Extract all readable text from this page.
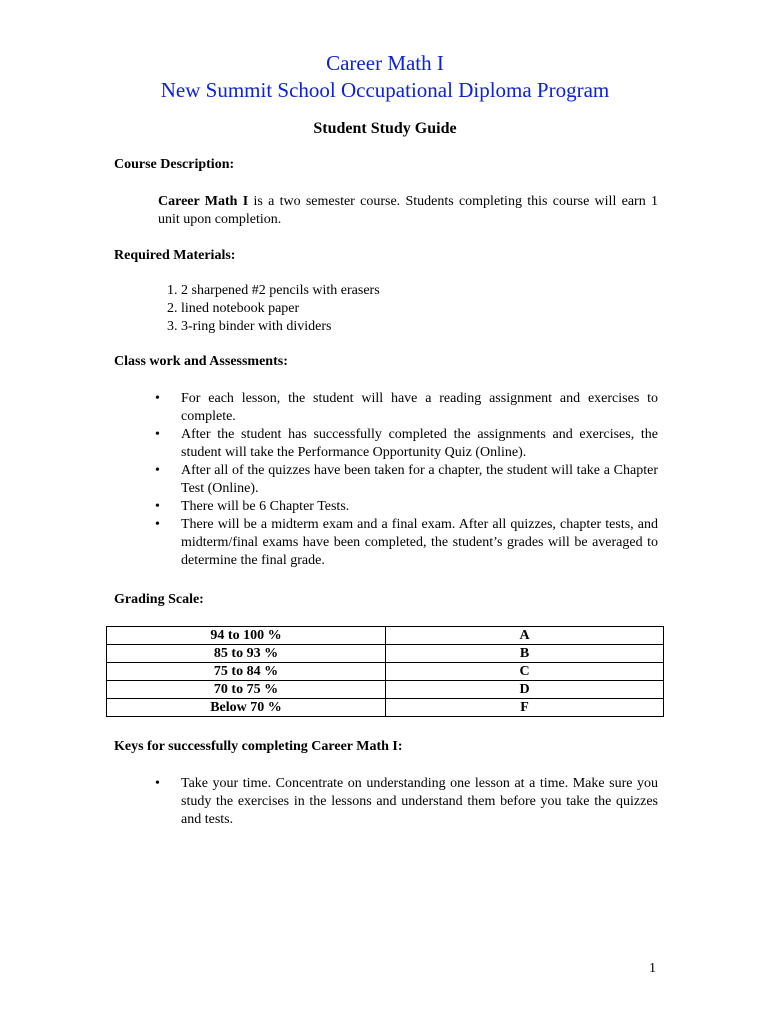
Career Math I
New Summit School Occupational Diploma Program
Student Study Guide
Course Description:
Career Math I is a two semester course. Students completing this course will earn 1 unit upon completion.
Required Materials:
1. 2 sharpened #2 pencils with erasers
2. lined notebook paper
3. 3-ring binder with dividers
Class work and Assessments:
• For each lesson, the student will have a reading assignment and exercises to complete.
• After the student has successfully completed the assignments and exercises, the student will take the Performance Opportunity Quiz (Online).
• After all of the quizzes have been taken for a chapter, the student will take a Chapter Test (Online).
• There will be 6 Chapter Tests.
• There will be a midterm exam and a final exam. After all quizzes, chapter tests, and midterm/final exams have been completed, the student’s grades will be averaged to determine the final grade.
Grading Scale:
94 to 100 %	A
85 to 93 %	B
75 to 84 %	C
70 to 75 %	D
Below 70 %	F
Keys for successfully completing Career Math I:
• Take your time. Concentrate on understanding one lesson at a time. Make sure you study the exercises in the lessons and understand them before you take the quizzes and tests.
1
